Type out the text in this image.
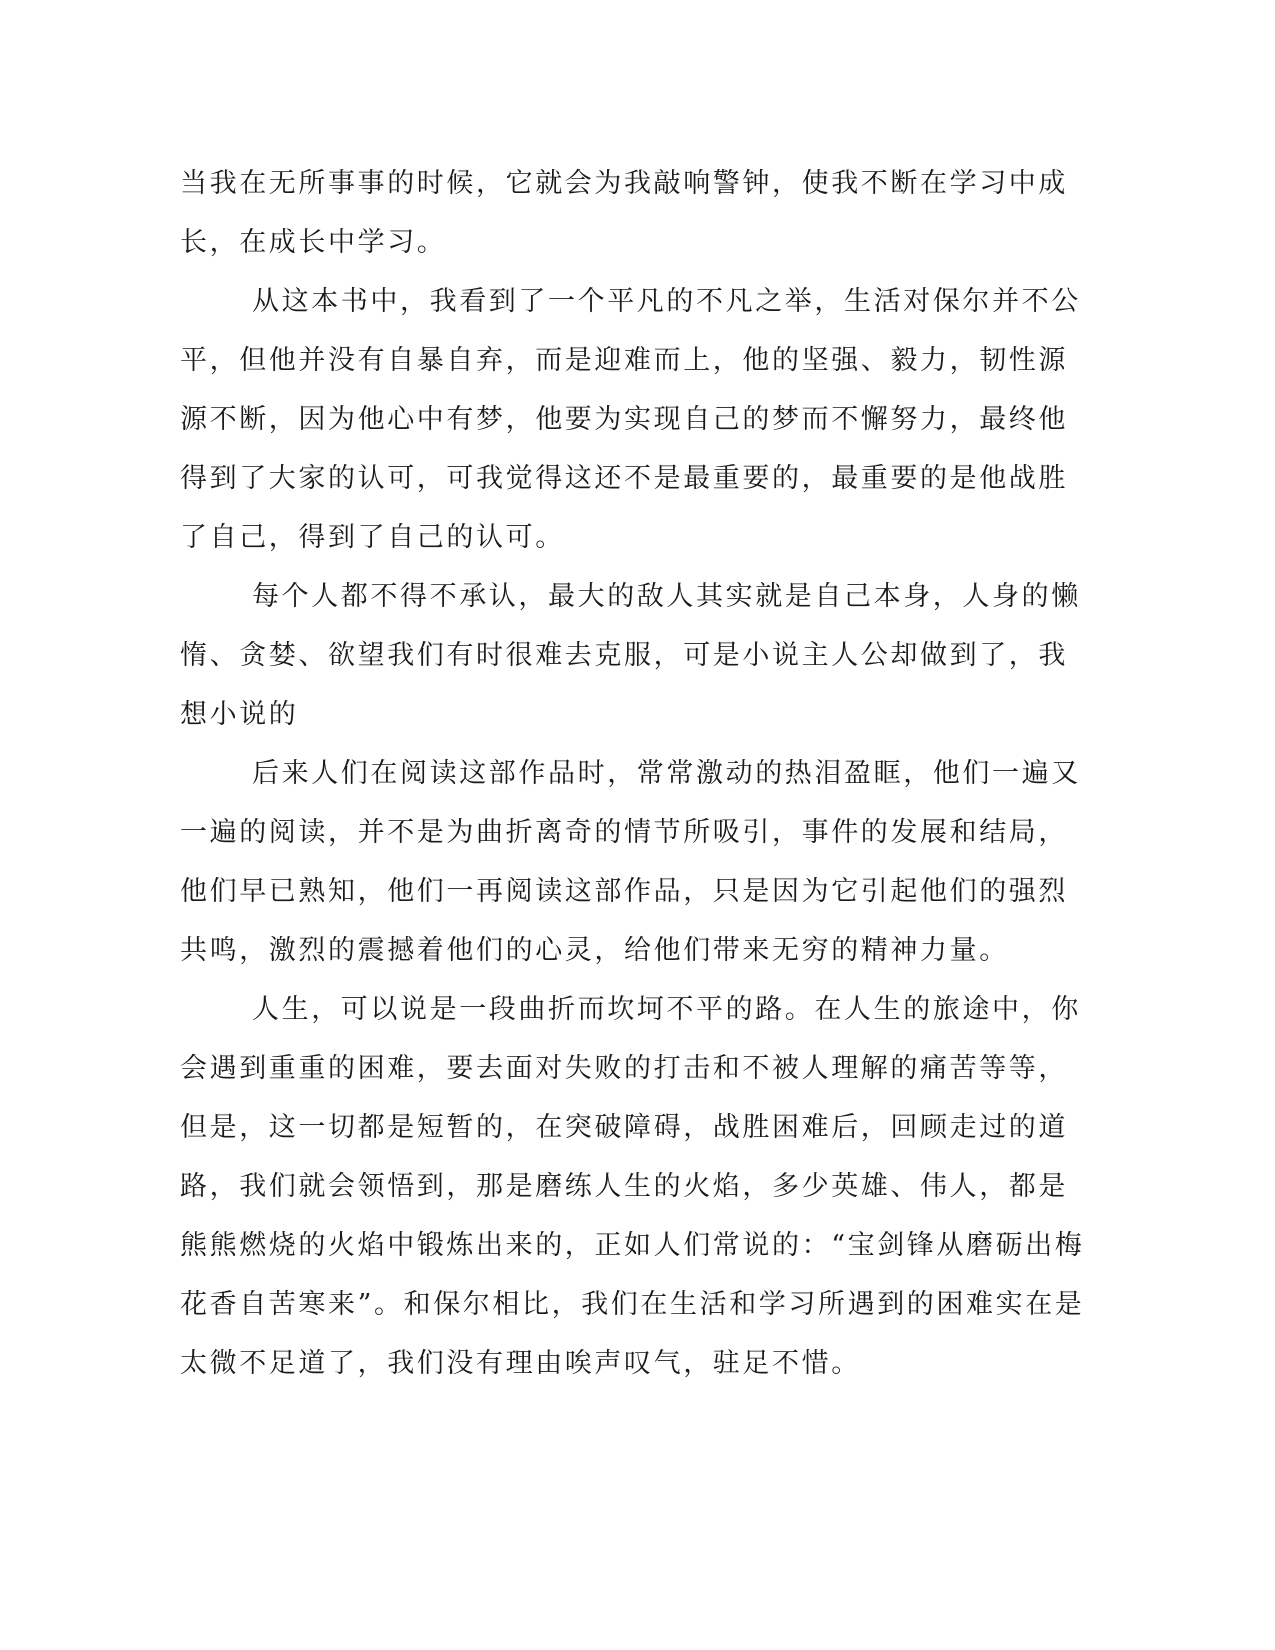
当我在无所事事的时候，它就会为我敲响警钟，使我不断在学习中成
长，在成长中学习。
从这本书中，我看到了一个平凡的不凡之举，生活对保尔并不公
平，但他并没有自暴自弃，而是迎难而上，他的坚强、毅力，韧性源
源不断，因为他心中有梦，他要为实现自己的梦而不懈努力，最终他
得到了大家的认可，可我觉得这还不是最重要的，最重要的是他战胜
了自己，得到了自己的认可。
每个人都不得不承认，最大的敌人其实就是自己本身，人身的懒
惰、贪婪、欲望我们有时很难去克服，可是小说主人公却做到了，我
想小说的
后来人们在阅读这部作品时，常常激动的热泪盈眶，他们一遍又
一遍的阅读，并不是为曲折离奇的情节所吸引，事件的发展和结局，
他们早已熟知，他们一再阅读这部作品，只是因为它引起他们的强烈
共鸣，激烈的震撼着他们的心灵，给他们带来无穷的精神力量。
人生，可以说是一段曲折而坎坷不平的路。在人生的旅途中，你
会遇到重重的困难，要去面对失败的打击和不被人理解的痛苦等等，
但是，这一切都是短暂的，在突破障碍，战胜困难后，回顾走过的道
路，我们就会领悟到，那是磨练人生的火焰，多少英雄、伟人，都是
熊熊燃烧的火焰中锻炼出来的，正如人们常说的：“宝剑锋从磨砺出梅
花香自苦寒来”。和保尔相比，我们在生活和学习所遇到的困难实在是
太微不足道了，我们没有理由唉声叹气，驻足不惜。
